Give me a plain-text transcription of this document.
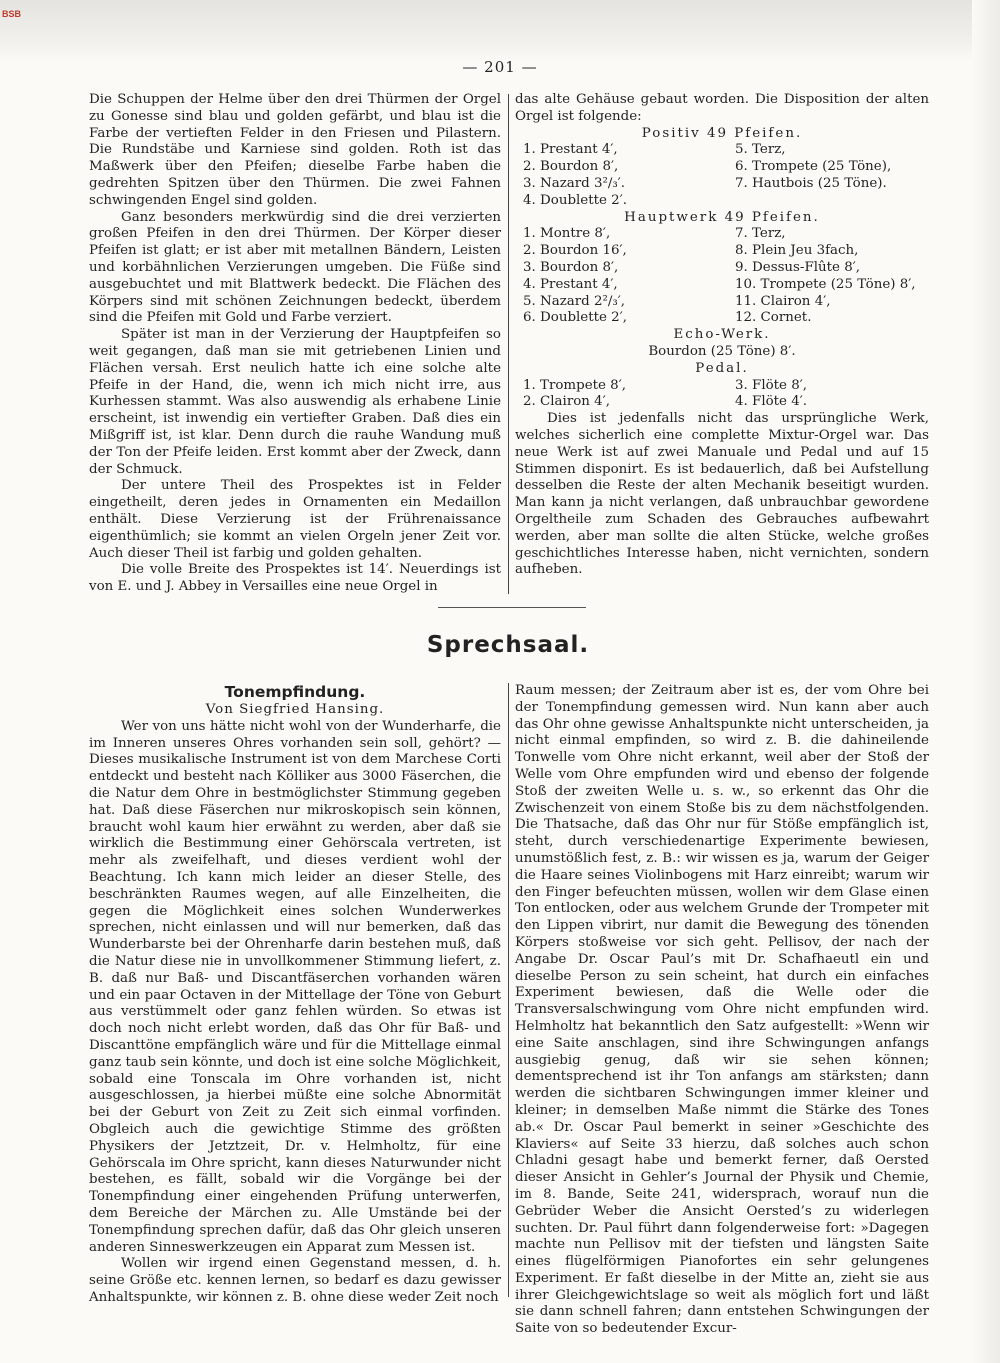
BSB
— 201 —

Die Schuppen der Helme über den drei Thürmen der Orgel zu Gonesse sind blau und golden gefärbt, und blau ist die Farbe der vertieften Felder in den Friesen und Pilastern. Die Rundstäbe und Karniese sind golden. Roth ist das Maßwerk über den Pfeifen; dieselbe Farbe haben die gedrehten Spitzen über den Thürmen. Die zwei Fahnen schwingenden Engel sind golden.

Ganz besonders merkwürdig sind die drei verzierten großen Pfeifen in den drei Thürmen. Der Körper dieser Pfeifen ist glatt; er ist aber mit metallnen Bändern, Leisten und korbähnlichen Verzierungen umgeben. Die Füße sind ausgebuchtet und mit Blattwerk bedeckt. Die Flächen des Körpers sind mit schönen Zeichnungen bedeckt, überdem sind die Pfeifen mit Gold und Farbe verziert.

Später ist man in der Verzierung der Hauptpfeifen so weit gegangen, daß man sie mit getriebenen Linien und Flächen versah. Erst neulich hatte ich eine solche alte Pfeife in der Hand, die, wenn ich mich nicht irre, aus Kurhessen stammt. Was also auswendig als erhabene Linie erscheint, ist inwendig ein vertiefter Graben. Daß dies ein Mißgriff ist, ist klar. Denn durch die rauhe Wandung muß der Ton der Pfeife leiden. Erst kommt aber der Zweck, dann der Schmuck.

Der untere Theil des Prospektes ist in Felder eingetheilt, deren jedes in Ornamenten ein Medaillon enthält. Diese Verzierung ist der Frührenaissance eigenthümlich; sie kommt an vielen Orgeln jener Zeit vor. Auch dieser Theil ist farbig und golden gehalten.

Die volle Breite des Prospektes ist 14′. Neuerdings ist von E. und J. Abbey in Versailles eine neue Orgel in

das alte Gehäuse gebaut worden. Die Disposition der alten Orgel ist folgende:

Positiv 49 Pfeifen.
1. Prestant 4′,	5. Terz,
2. Bourdon 8′,	6. Trompete (25 Töne),
3. Nazard 3²/₃′.	7. Hautbois (25 Töne).
4. Doublette 2′.
Hauptwerk 49 Pfeifen.
1. Montre 8′,	7. Terz,
2. Bourdon 16′,	8. Plein Jeu 3fach,
3. Bourdon 8′,	9. Dessus-Flûte 8′,
4. Prestant 4′,	10. Trompete (25 Töne) 8′,
5. Nazard 2²/₃′,	11. Clairon 4′,
6. Doublette 2′,	12. Cornet.
Echo-Werk.
Bourdon (25 Töne) 8′.
Pedal.
1. Trompete 8′,	3. Flöte 8′,
2. Clairon 4′,	4. Flöte 4′.

Dies ist jedenfalls nicht das ursprüngliche Werk, welches sicherlich eine complette Mixtur-Orgel war. Das neue Werk ist auf zwei Manuale und Pedal und auf 15 Stimmen disponirt. Es ist bedauerlich, daß bei Aufstellung desselben die Reste der alten Mechanik beseitigt wurden. Man kann ja nicht verlangen, daß unbrauchbar gewordene Orgeltheile zum Schaden des Gebrauches aufbewahrt werden, aber man sollte die alten Stücke, welche großes geschichtliches Interesse haben, nicht vernichten, sondern aufheben.

Sprechsaal.

Tonempfindung.

Von Siegfried Hansing.

Wer von uns hätte nicht wohl von der Wunderharfe, die im Inneren unseres Ohres vorhanden sein soll, gehört? — Dieses musikalische Instrument ist von dem Marchese Corti entdeckt und besteht nach Kölliker aus 3000 Fäserchen, die die Natur dem Ohre in bestmöglichster Stimmung gegeben hat. Daß diese Fäserchen nur mikroskopisch sein können, braucht wohl kaum hier erwähnt zu werden, aber daß sie wirklich die Bestimmung einer Gehörscala vertreten, ist mehr als zweifelhaft, und dieses verdient wohl der Beachtung. Ich kann mich leider an dieser Stelle, des beschränkten Raumes wegen, auf alle Einzelheiten, die gegen die Möglichkeit eines solchen Wunderwerkes sprechen, nicht einlassen und will nur bemerken, daß das Wunderbarste bei der Ohrenharfe darin bestehen muß, daß die Natur diese nie in unvollkommener Stimmung liefert, z. B. daß nur Baß- und Discantfäserchen vorhanden wären und ein paar Octaven in der Mittellage der Töne von Geburt aus verstümmelt oder ganz fehlen würden. So etwas ist doch noch nicht erlebt worden, daß das Ohr für Baß- und Discanttöne empfänglich wäre und für die Mittellage einmal ganz taub sein könnte, und doch ist eine solche Möglichkeit, sobald eine Tonscala im Ohre vorhanden ist, nicht ausgeschlossen, ja hierbei müßte eine solche Abnormität bei der Geburt von Zeit zu Zeit sich einmal vorfinden. Obgleich auch die gewichtige Stimme des größten Physikers der Jetztzeit, Dr. v. Helmholtz, für eine Gehörscala im Ohre spricht, kann dieses Naturwunder nicht bestehen, es fällt, sobald wir die Vorgänge bei der Tonempfindung einer eingehenden Prüfung unterwerfen, dem Bereiche der Märchen zu. Alle Umstände bei der Tonempfindung sprechen dafür, daß das Ohr gleich unseren anderen Sinneswerkzeugen ein Apparat zum Messen ist.

Wollen wir irgend einen Gegenstand messen, d. h. seine Größe etc. kennen lernen, so bedarf es dazu gewisser Anhaltspunkte, wir können z. B. ohne diese weder Zeit noch

Raum messen; der Zeitraum aber ist es, der vom Ohre bei der Tonempfindung gemessen wird. Nun kann aber auch das Ohr ohne gewisse Anhaltspunkte nicht unterscheiden, ja nicht einmal empfinden, so wird z. B. die dahineilende Tonwelle vom Ohre nicht erkannt, weil aber der Stoß der Welle vom Ohre empfunden wird und ebenso der folgende Stoß der zweiten Welle u. s. w., so erkennt das Ohr die Zwischenzeit von einem Stoße bis zu dem nächstfolgenden. Die Thatsache, daß das Ohr nur für Stöße empfänglich ist, steht, durch verschiedenartige Experimente bewiesen, unumstößlich fest, z. B.: wir wissen es ja, warum der Geiger die Haare seines Violinbogens mit Harz einreibt; warum wir den Finger befeuchten müssen, wollen wir dem Glase einen Ton entlocken, oder aus welchem Grunde der Trompeter mit den Lippen vibrirt, nur damit die Bewegung des tönenden Körpers stoßweise vor sich geht. Pellisov, der nach der Angabe Dr. Oscar Paul’s mit Dr. Schafhaeutl ein und dieselbe Person zu sein scheint, hat durch ein einfaches Experiment bewiesen, daß die Welle oder die Transversalschwingung vom Ohre nicht empfunden wird. Helmholtz hat bekanntlich den Satz aufgestellt: »Wenn wir eine Saite anschlagen, sind ihre Schwingungen anfangs ausgiebig genug, daß wir sie sehen können; dementsprechend ist ihr Ton anfangs am stärksten; dann werden die sichtbaren Schwingungen immer kleiner und kleiner; in demselben Maße nimmt die Stärke des Tones ab.« Dr. Oscar Paul bemerkt in seiner »Geschichte des Klaviers« auf Seite 33 hierzu, daß solches auch schon Chladni gesagt habe und bemerkt ferner, daß Oersted dieser Ansicht in Gehler’s Journal der Physik und Chemie, im 8. Bande, Seite 241, widersprach, worauf nun die Gebrüder Weber die Ansicht Oersted’s zu widerlegen suchten. Dr. Paul führt dann folgenderweise fort: »Dagegen machte nun Pellisov mit der tiefsten und längsten Saite eines flügelförmigen Pianofortes ein sehr gelungenes Experiment. Er faßt dieselbe in der Mitte an, zieht sie aus ihrer Gleichgewichtslage so weit als möglich fort und läßt sie dann schnell fahren; dann entstehen Schwingungen der Saite von so bedeutender Excur-
